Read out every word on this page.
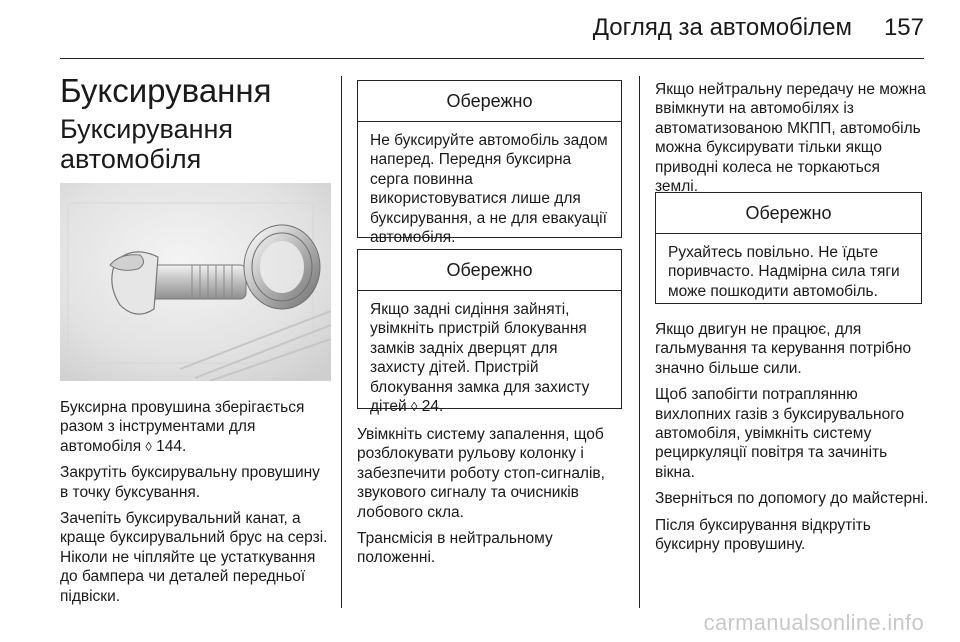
Догляд за автомобілем 157
Буксирування
Буксирування автомобіля

Буксирна провушина зберігається разом з інструментами для автомобіля ◊ 144.

Закрутіть буксирувальну провушину в точку буксування.

Зачепіть буксирувальний канат, а краще буксирувальний брус на серзі. Ніколи не чіпляйте це устаткування до бампера чи деталей передньої підвіски.

Обережно
Не буксируйте автомобіль задом наперед. Передня буксирна серга повинна використовуватися лише для буксирування, а не для евакуації автомобіля.
Обережно
Якщо задні сидіння зайняті, увімкніть пристрій блокування замків задніх дверцят для захисту дітей. Пристрій блокування замка для захисту дітей ◊ 24.

Увімкніть систему запалення, щоб розблокувати рульову колонку і забезпечити роботу стоп-сигналів, звукового сигналу та очисників лобового скла.

Трансмісія в нейтральному положенні.

Якщо нейтральну передачу не можна ввімкнути на автомобілях із автоматизованою МКПП, автомобіль можна буксирувати тільки якщо приводні колеса не торкаються землі.

Обережно
Рухайтесь повільно. Не їдьте поривчасто. Надмірна сила тяги може пошкодити автомобіль.

Якщо двигун не працює, для гальмування та керування потрібно значно більше сили.

Щоб запобігти потраплянню вихлопних газів з буксирувального автомобіля, увімкніть систему рециркуляції повітря та зачиніть вікна.

Зверніться по допомогу до майстерні.

Після буксирування відкрутіть буксирну провушину.

carmanualsonline.info
